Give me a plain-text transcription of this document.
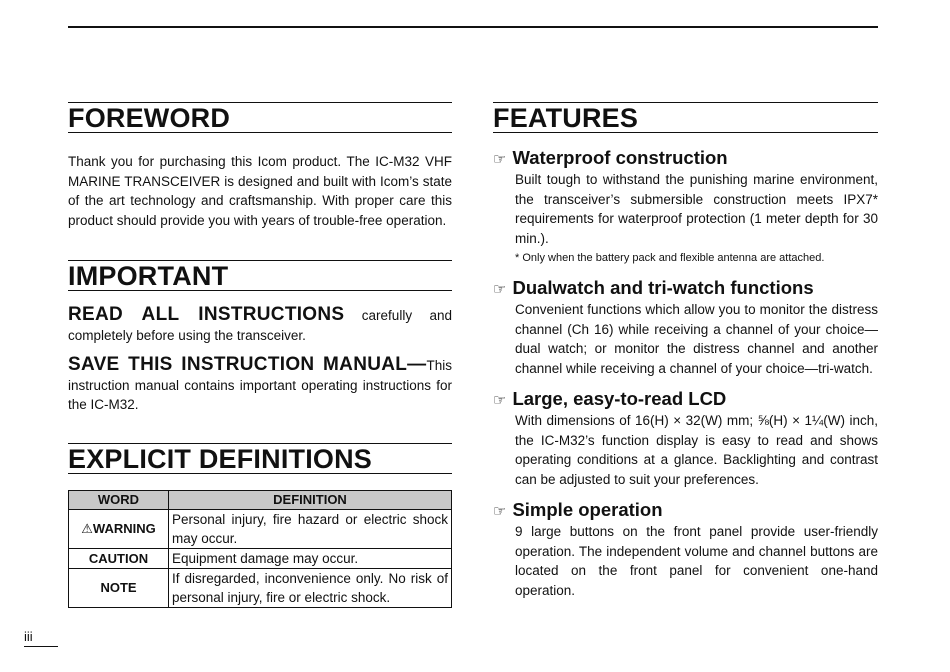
FOREWORD

Thank you for purchasing this Icom product. The IC-M32 VHF MARINE TRANSCEIVER is designed and built with Icom’s state of the art technology and craftsmanship. With proper care this product should provide you with years of trouble-free operation.

IMPORTANT

READ ALL INSTRUCTIONS carefully and completely before using the transceiver.

SAVE THIS INSTRUCTION MANUAL—This instruction manual contains important operating instructions for the IC-M32.

EXPLICIT DEFINITIONS
WORD	DEFINITION
⚠WARNING	Personal injury, fire hazard or electric shock may occur.
CAUTION	Equipment damage may occur.
NOTE	If disregarded, inconvenience only. No risk of personal injury, fire or electric shock.
FEATURES

☞ Waterproof construction

Built tough to withstand the punishing marine environment, the transceiver’s submersible construction meets IPX7* requirements for waterproof protection (1 meter depth for 30 min.).
* Only when the battery pack and flexible antenna are attached.

☞ Dualwatch and tri-watch functions

Convenient functions which allow you to monitor the distress channel (Ch 16) while receiving a channel of your choice—dual watch; or monitor the distress channel and another channel while receiving a channel of your choice—tri-watch.

☞ Large, easy-to-read LCD

With dimensions of 16(H) × 32(W) mm; ⅝(H) × 1¼(W) inch, the IC-M32’s function display is easy to read and shows operating conditions at a glance. Backlighting and contrast can be adjusted to suit your preferences.

☞ Simple operation

9 large buttons on the front panel provide user-friendly operation. The independent volume and channel buttons are located on the front panel for convenient one-hand operation.
iii
